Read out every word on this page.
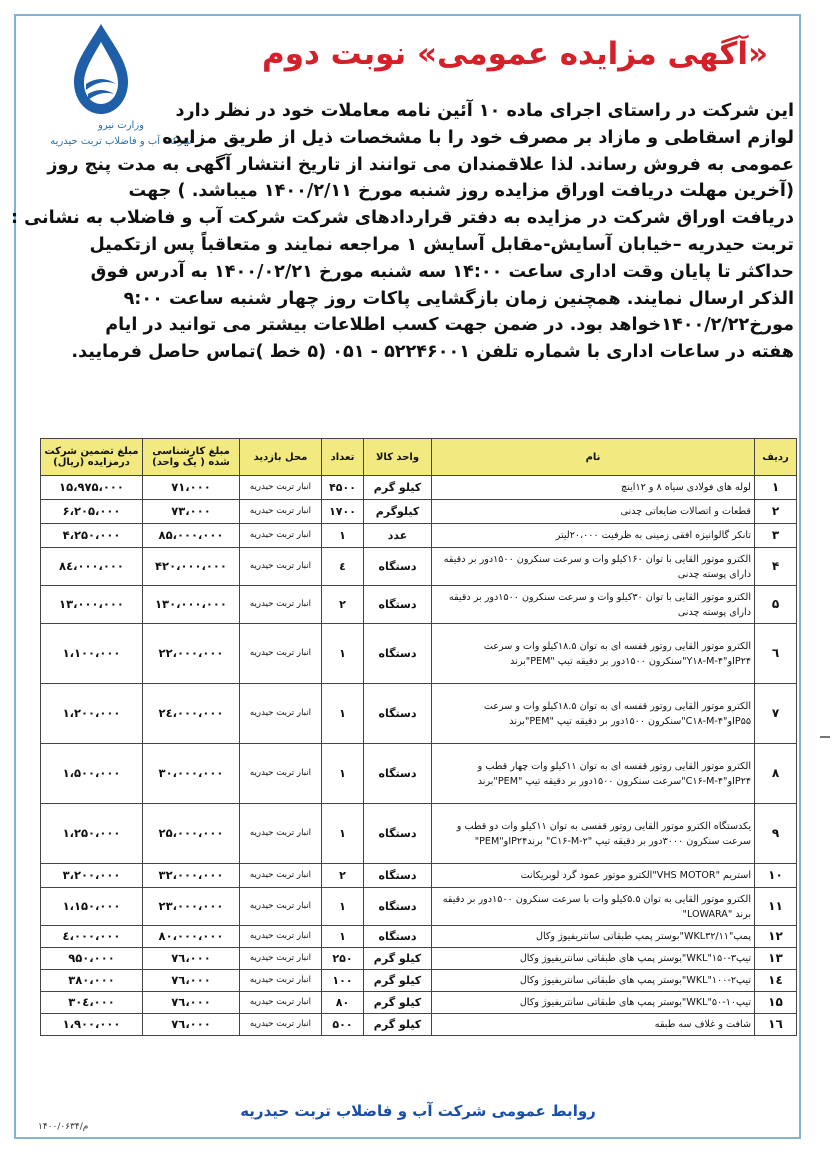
وزارت نیرو
شرکت آب و فاضلاب تربت حیدریه
«آگهی مزایده عمومی» نوبت دوم
این شرکت در راستای اجرای ماده ۱۰ آئین نامه معاملات خود در نظر دارد
لوازم اسقاطی و مازاد بر مصرف خود را با مشخصات ذیل از طریق مزایده
عمومی به فروش رساند. لذا علاقمندان می توانند از تاریخ انتشار آگهی به مدت پنج روز
(آخرین مهلت دریافت اوراق مزایده روز شنبه مورخ ۱۴۰۰/۲/۱۱ میباشد. ) جهت
دریافت اوراق شرکت در مزایده به دفتر قراردادهای شرکت شرکت آب و فاضلاب به نشانی :
تربت حیدریه –خیابان آسایش-مقابل آسایش ۱ مراجعه نمایند و متعاقباً پس ازتکمیل
حداکثر تا پایان وقت اداری ساعت ۱۴:۰۰ سه شنبه مورخ ۱۴۰۰/۰۲/۲۱ به آدرس فوق
الذکر ارسال نمایند. همچنین زمان بازگشایی پاکات روز چهار شنبه ساعت ۹:۰۰
مورخ۱۴۰۰/۲/۲۲خواهد بود. در ضمن جهت کسب اطلاعات بیشتر می توانید در ایام
هفته در ساعات اداری با شماره تلفن ۵۲۲۴۶۰۰۱ - ۰۵۱ (۵ خط )تماس حاصل فرمایید.
ردیف	نام	واحد کالا	تعداد	محل بازدید	مبلغ کارشناسی شده ( یک واحد)	مبلغ تضمین شرکت درمزایده (ریال)
۱	لوله های فولادی سیاه ۸ و ۱۲اینچ	کیلو گرم	۴۵۰۰	انبار تربت حیدریه	۷۱،۰۰۰	۱۵،۹۷۵،۰۰۰
۲	قطعات و اتصالات ضایعاتی چدنی	کیلوگرم	۱۷۰۰	انبار تربت حیدریه	۷۳،۰۰۰	۶،۲۰۵،۰۰۰
۳	تانکر گالوانیزه افقی زمینی به ظرفیت ۲۰،۰۰۰لیتر	عدد	۱	انبار تربت حیدریه	۸۵،۰۰۰،۰۰۰	۴،۲۵۰،۰۰۰
۴	الکترو موتور القایی با توان ۱۶۰کیلو وات و سرعت سنکرون ۱۵۰۰دور بر دقیقه دارای پوسته چدنی	دستگاه	٤	انبار تربت حیدریه	۴۲۰،۰۰۰،۰۰۰	۸٤،۰۰۰،۰۰۰
۵	الکترو موتور القایی با توان ۳۰کیلو وات و سرعت سنکرون ۱۵۰۰دور بر دقیقه دارای پوسته چدنی	دستگاه	۲	انبار تربت حیدریه	۱۳۰،۰۰۰،۰۰۰	۱۳،۰۰۰،۰۰۰
٦	الکترو موتور القایی روتور قفسه ای به توان ۱۸.۵کیلو وات و سرعت IP۲۴و"Y۱۸-M-۴"سنکرون ۱۵۰۰دور بر دقیقه تیپ "PEM"برند	دستگاه	۱	انبار تربت حیدریه	۲۲،۰۰۰،۰۰۰	۱،۱۰۰،۰۰۰
۷	الکترو موتور القایی روتور قفسه ای به توان ۱۸.۵کیلو وات و سرعت IP۵۵و"C۱۸-M-۴"سنکرون ۱۵۰۰دور بر دقیقه تیپ "PEM"برند	دستگاه	۱	انبار تربت حیدریه	۲٤،۰۰۰،۰۰۰	۱،۲۰۰،۰۰۰
۸	الکترو موتور القایی روتور قفسه ای به توان ۱۱کیلو وات چهار قطب و IP۲۴و"C۱۶-M-۴"سرعت سنکرون ۱۵۰۰دور بر دقیقه تیپ "PEM"برند	دستگاه	۱	انبار تربت حیدریه	۳۰،۰۰۰،۰۰۰	۱،۵۰۰،۰۰۰
۹	یکدستگاه الکترو موتور القایی روتور قفسی به توان ۱۱کیلو وات دو قطب و سرعت سنکرون ۳۰۰۰دور بر دقیقه تیپ "C۱۶-M-۲" برندIP۲۴و"PEM"	دستگاه	۱	انبار تربت حیدریه	۲۵،۰۰۰،۰۰۰	۱،۲۵۰،۰۰۰
۱۰	استریم "VHS MOTOR"الکترو موتور عمود گرد لوبریکانت	دستگاه	۲	انبار تربت حیدریه	۳۲،۰۰۰،۰۰۰	۳،۲۰۰،۰۰۰
۱۱	الکترو موتور القایی به توان ۵.۵کیلو وات با سرعت سنکرون ۱۵۰۰دور بر دقیقه برند "LOWARA"	دستگاه	۱	انبار تربت حیدریه	۲۳،۰۰۰،۰۰۰	۱،۱۵۰،۰۰۰
۱۲	پمپ"WKL۳۲/۱۱"بوستر پمپ طبقاتی سانتریفیوژ وکال	دستگاه	۱	انبار تربت حیدریه	۸۰،۰۰۰،۰۰۰	٤،۰۰۰،۰۰۰
۱۳	تیپ۳-۱۵۰"WKL"بوستر پمپ های طبقاتی سانتریفیوژ وکال	کیلو گرم	۲۵۰	انبار تربت حیدریه	۷٦،۰۰۰	۹۵۰،۰۰۰
۱٤	تیپ۲-۱۰۰"WKL"بوستر پمپ های طبقاتی سانتریفیوژ وکال	کیلو گرم	۱۰۰	انبار تربت حیدریه	۷٦،۰۰۰	۳۸۰،۰۰۰
۱۵	تیپ۱۰-۵۰"WKL"بوستر پمپ های طبقاتی سانتریفیوژ وکال	کیلو گرم	۸۰	انبار تربت حیدریه	۷٦،۰۰۰	۳۰٤،۰۰۰
۱٦	شافت و غلاف سه طبقه	کیلو گرم	۵۰۰	انبار تربت حیدریه	۷٦،۰۰۰	۱،۹۰۰،۰۰۰
روابط عمومی شرکت آب و فاضلاب تربت حیدریه
م/۱۴۰۰/۰۶۳۴
